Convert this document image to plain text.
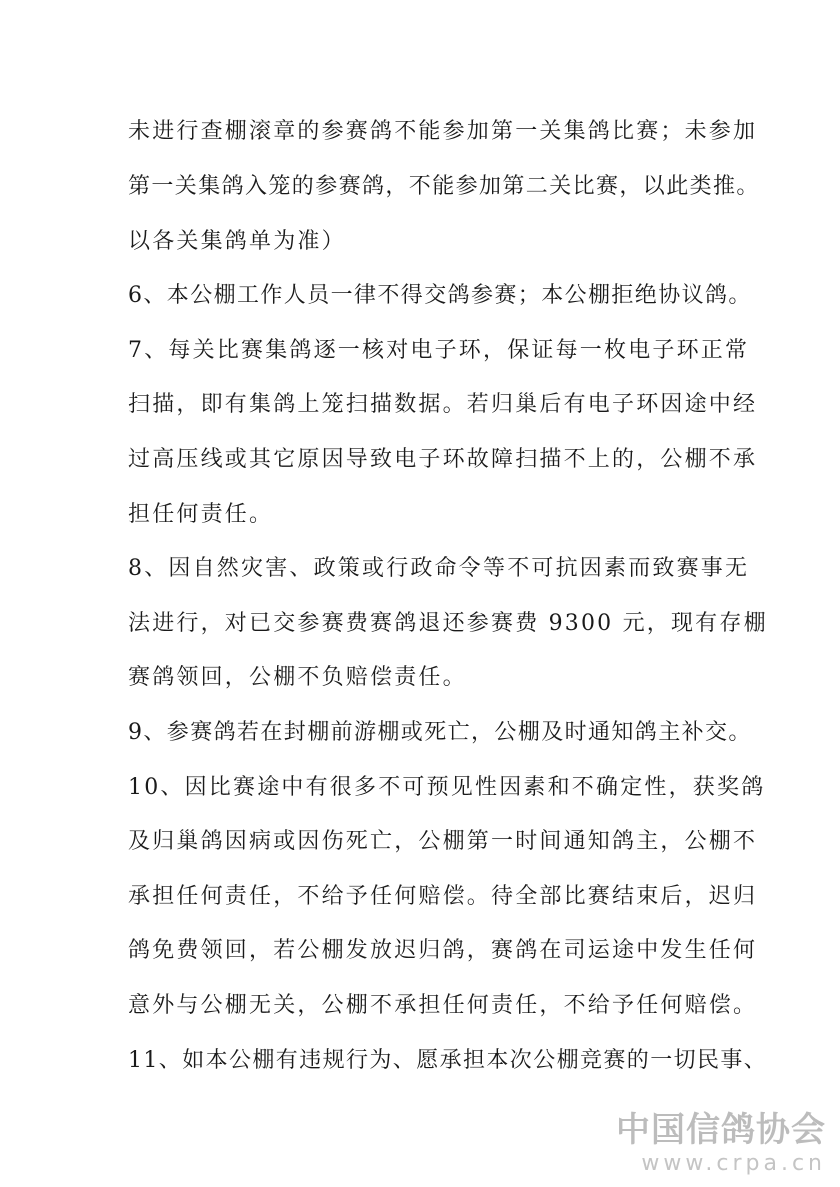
未进行查棚滚章的参赛鸽不能参加第一关集鸽比赛；未参加
第一关集鸽入笼的参赛鸽，不能参加第二关比赛，以此类推。
以各关集鸽单为准）
6、本公棚工作人员一律不得交鸽参赛；本公棚拒绝协议鸽。
7、每关比赛集鸽逐一核对电子环，保证每一枚电子环正常
扫描，即有集鸽上笼扫描数据。若归巢后有电子环因途中经
过高压线或其它原因导致电子环故障扫描不上的，公棚不承
担任何责任。
8、因自然灾害、政策或行政命令等不可抗因素而致赛事无
法进行，对已交参赛费赛鸽退还参赛费 9300 元，现有存棚
赛鸽领回，公棚不负赔偿责任。
9、参赛鸽若在封棚前游棚或死亡，公棚及时通知鸽主补交。
10、因比赛途中有很多不可预见性因素和不确定性，获奖鸽
及归巢鸽因病或因伤死亡，公棚第一时间通知鸽主，公棚不
承担任何责任，不给予任何赔偿。待全部比赛结束后，迟归
鸽免费领回，若公棚发放迟归鸽，赛鸽在司运途中发生任何
意外与公棚无关，公棚不承担任何责任，不给予任何赔偿。
11、如本公棚有违规行为、愿承担本次公棚竞赛的一切民事、
中国信鸽协会
www.crpa.cn
